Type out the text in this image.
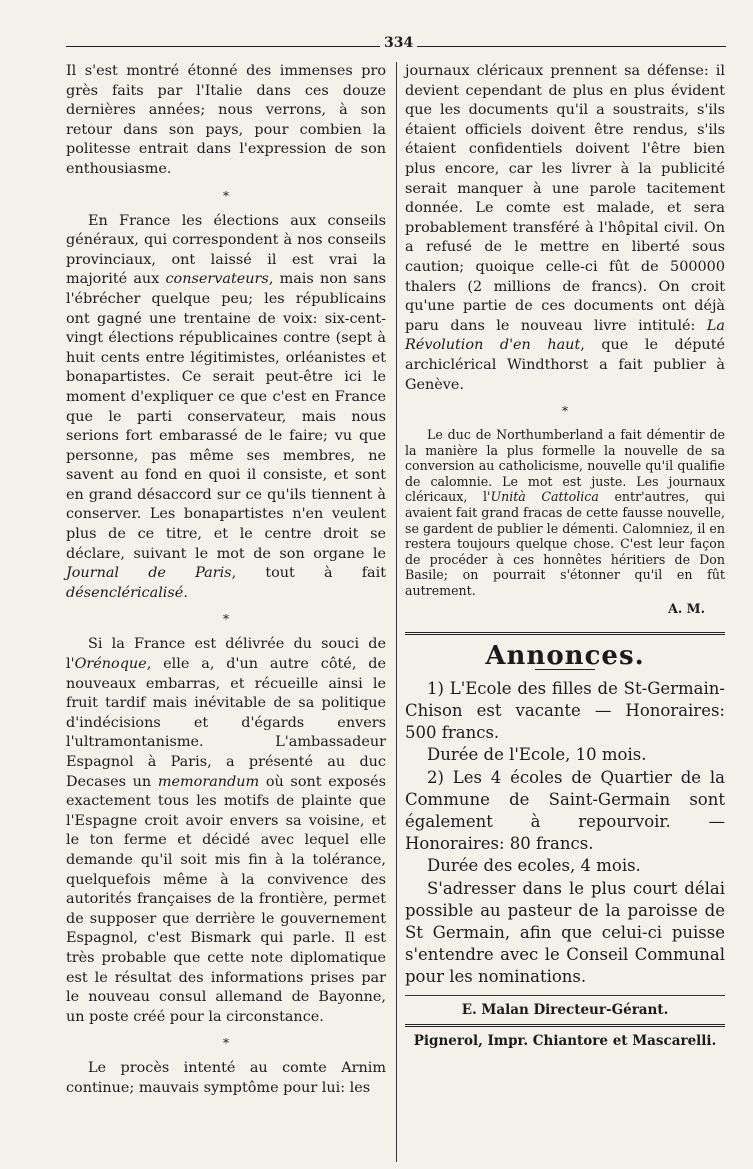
334

Il s'est montré étonné des immenses pro grès faits par l'Italie dans ces douze dernières années; nous verrons, à son retour dans son pays, pour combien la politesse entrait dans l'expression de son enthousiasme.

*

En France les élections aux conseils généraux, qui correspondent à nos conseils provinciaux, ont laissé il est vrai la majorité aux conservateurs, mais non sans l'ébrécher quelque peu; les républicains ont gagné une trentaine de voix: six-cent-vingt élections républicaines contre (sept à huit cents entre légitimistes, orléanistes et bonapartistes. Ce serait peut-être ici le moment d'expliquer ce que c'est en France que le parti conservateur, mais nous serions fort embarassé de le faire; vu que personne, pas même ses membres, ne savent au fond en quoi il consiste, et sont en grand désaccord sur ce qu'ils tiennent à conserver. Les bonapartistes n'en veulent plus de ce titre, et le centre droit se déclare, suivant le mot de son organe le Journal de Paris, tout à fait désencléricalisé.

*

Si la France est délivrée du souci de l'Orénoque, elle a, d'un autre côté, de nouveaux embarras, et récueille ainsi le fruit tardif mais inévitable de sa politique d'indécisions et d'égards envers l'ultramontanisme. L'ambassadeur Espagnol à Paris, a présenté au duc Decases un memorandum où sont exposés exactement tous les motifs de plainte que l'Espagne croit avoir envers sa voisine, et le ton ferme et décidé avec lequel elle demande qu'il soit mis fin à la tolérance, quelquefois même à la convivence des autorités françaises de la frontière, permet de supposer que derrière le gouvernement Espagnol, c'est Bismark qui parle. Il est très probable que cette note diplomatique est le résultat des informations prises par le nouveau consul allemand de Bayonne, un poste créé pour la circonstance.

*

Le procès intenté au comte Arnim continue; mauvais symptôme pour lui: les

journaux cléricaux prennent sa défense: il devient cependant de plus en plus évident que les documents qu'il a soustraits, s'ils étaient officiels doivent être rendus, s'ils étaient confidentiels doivent l'être bien plus encore, car les livrer à la publicité serait manquer à une parole tacitement donnée. Le comte est malade, et sera probablement transféré à l'hôpital civil. On a refusé de le mettre en liberté sous caution; quoique celle-ci fût de 500000 thalers (2 millions de francs). On croit qu'une partie de ces documents ont déjà paru dans le nouveau livre intitulé: La Révolution d'en haut, que le député archiclérical Windthorst a fait publier à Genève.

*

Le duc de Northumberland a fait démentir de la manière la plus formelle la nouvelle de sa conversion au catholicisme, nouvelle qu'il qualifie de calomnie. Le mot est juste. Les journaux cléricaux, l'Unità Cattolica entr'autres, qui avaient fait grand fracas de cette fausse nouvelle, se gardent de publier le démenti. Calomniez, il en restera toujours quelque chose. C'est leur façon de procéder à ces honnêtes héritiers de Don Basile; on pourrait s'étonner qu'il en fût autrement.

A. M.
Annonces.

1) L'Ecole des filles de St-Germain-Chison est vacante — Honoraires: 500 francs.

Durée de l'Ecole, 10 mois.

2) Les 4 écoles de Quartier de la Commune de Saint-Germain sont également à repourvoir. — Honoraires: 80 francs.

Durée des ecoles, 4 mois.

S'adresser dans le plus court délai possible au pasteur de la paroisse de St Germain, afin que celui-ci puisse s'entendre avec le Conseil Communal pour les nominations.

E. Malan Directeur-Gérant.
Pignerol, Impr. Chiantore et Mascarelli.
